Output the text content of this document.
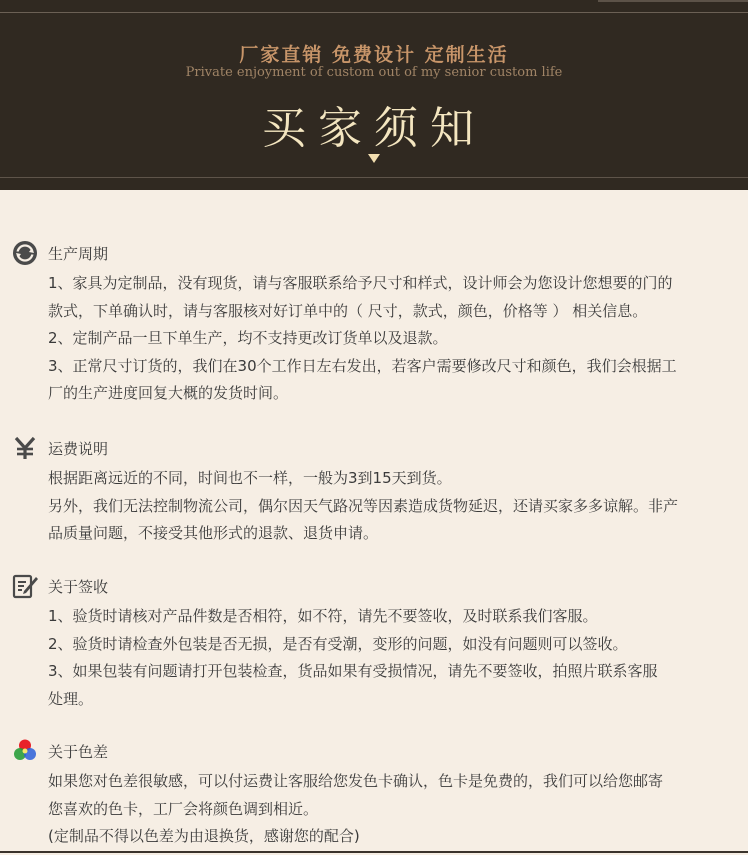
厂家直销 免费设计 定制生活
Private enjoyment of custom out of my senior custom life
买家须知
生产周期
1、家具为定制品，没有现货，请与客服联系给予尺寸和样式，设计师会为您设计您想要的门的
款式，下单确认时，请与客服核对好订单中的（ 尺寸，款式，颜色，价格等 ） 相关信息。
2、定制产品一旦下单生产，均不支持更改订货单以及退款。
3、正常尺寸订货的，我们在30个工作日左右发出，若客户需要修改尺寸和颜色，我们会根据工
厂的生产进度回复大概的发货时间。
运费说明
根据距离远近的不同，时间也不一样，一般为3到15天到货。
另外，我们无法控制物流公司，偶尔因天气路况等因素造成货物延迟，还请买家多多谅解。非产
品质量问题，不接受其他形式的退款、退货申请。
关于签收
1、验货时请核对产品件数是否相符，如不符，请先不要签收，及时联系我们客服。
2、验货时请检查外包装是否无损，是否有受潮，变形的问题，如没有问题则可以签收。
3、如果包装有问题请打开包装检查，货品如果有受损情况，请先不要签收，拍照片联系客服
处理。
关于色差
如果您对色差很敏感，可以付运费让客服给您发色卡确认，色卡是免费的，我们可以给您邮寄
您喜欢的色卡，工厂会将颜色调到相近。
(定制品不得以色差为由退换货，感谢您的配合)
